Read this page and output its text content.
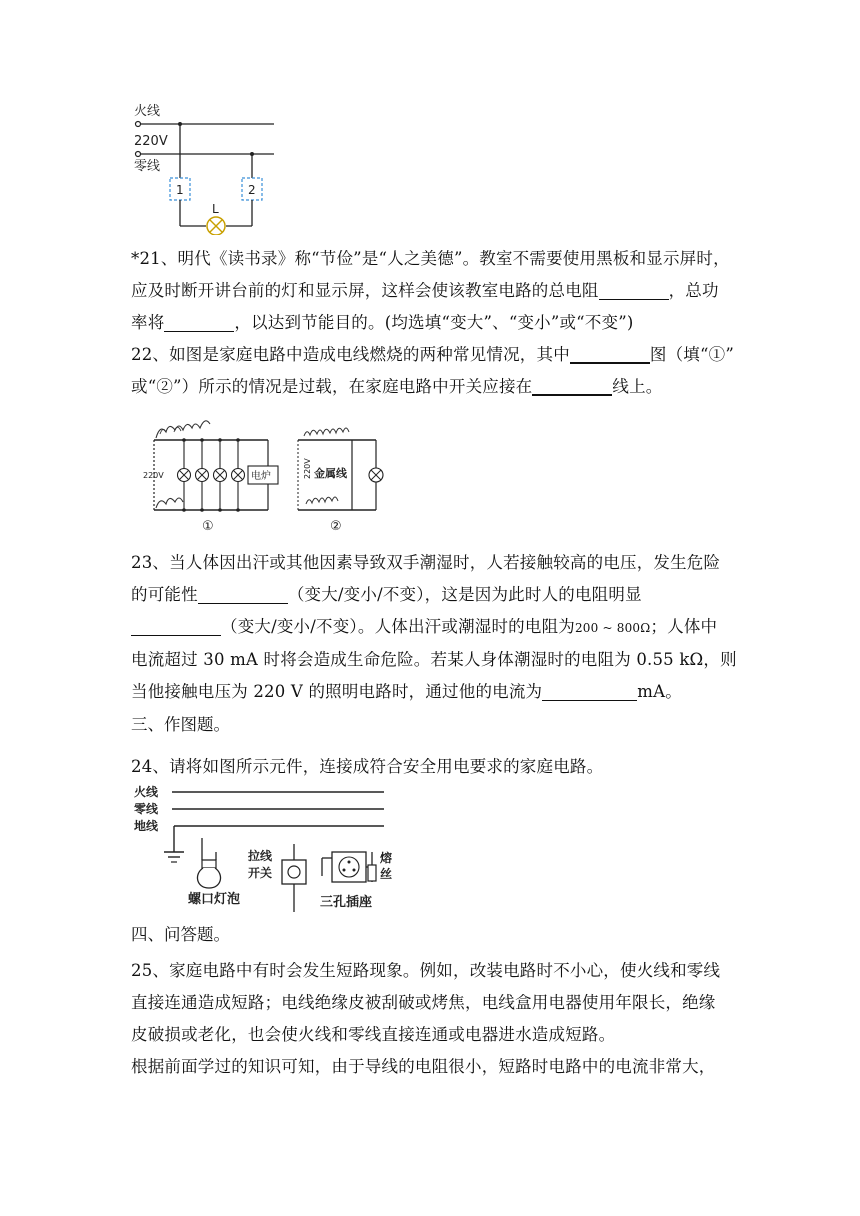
火线
220V
零线
1	2
L
*21、明代《读书录》称“节俭”是“人之美德”。教室不需要使用黑板和显示屏时，
应及时断开讲台前的灯和显示屏，这样会使该教室电路的总电阻	，总功
率将	，以达到节能目的。(均选填“变大”、“变小”或“不变”)
22、如图是家庭电路中造成电线燃烧的两种常见情况，其中	图（填“①”
或“②”）所示的情况是过载，在家庭电路中开关应接在	线上。
220V	电炉
①
220V 金属线
②
23、当人体因出汗或其他因素导致双手潮湿时，人若接触较高的电压，发生危险
的可能性	（变大/变小/不变），这是因为此时人的电阻明显
（变大/变小/不变）。人体出汗或潮湿时的电阻为200 ~ 800Ω；人体中
电流超过 30 mA 时将会造成生命危险。若某人身体潮湿时的电阻为 0.55 kΩ，则
当他接触电压为 220 V 的照明电路时，通过他的电流为	mA。
三、作图题。
24、请将如图所示元件，连接成符合安全用电要求的家庭电路。
火线
零线
地线
螺口灯泡
拉线
开关
熔
丝
三孔插座
四、问答题。
25、家庭电路中有时会发生短路现象。例如，改装电路时不小心，使火线和零线
直接连通造成短路；电线绝缘皮被刮破或烤焦，电线盒用电器使用年限长，绝缘
皮破损或老化，也会使火线和零线直接连通或电器进水造成短路。
根据前面学过的知识可知，由于导线的电阻很小，短路时电路中的电流非常大，
